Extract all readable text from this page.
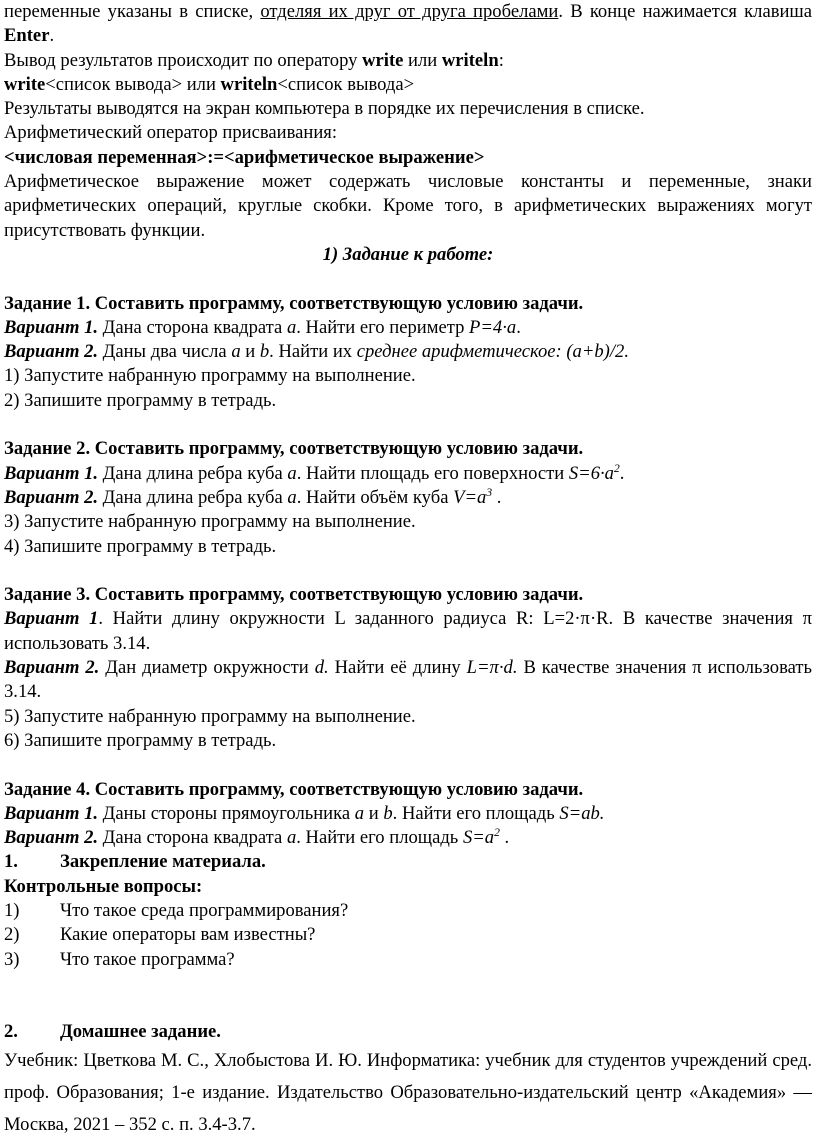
переменные указаны в списке, отделяя их друг от друга пробелами. В конце нажимается клавиша Enter.

Вывод результатов происходит по оператору write или writeln:

write<список вывода> или writeln<список вывода>

Результаты выводятся на экран компьютера в порядке их перечисления в списке.

Арифметический оператор присваивания:

<числовая переменная>:=<арифметическое выражение>

Арифметическое выражение может содержать числовые константы и переменные, знаки арифметических операций, круглые скобки. Кроме того, в арифметических выражениях могут присутствовать функции.

1) Задание к работе:

Задание 1. Составить программу, соответствующую условию задачи.

Вариант 1. Дана сторона квадрата a. Найти его периметр P=4·a.

Вариант 2. Даны два числа a и b. Найти их среднее арифметическое: (a+b)/2.

1) Запустите набранную программу на выполнение.

2) Запишите программу в тетрадь.

Задание 2. Составить программу, соответствующую условию задачи.

Вариант 1. Дана длина ребра куба a. Найти площадь его поверхности $S=6\cdot a^2$.

Вариант 2. Дана длина ребра куба a. Найти объём куба $V=a^3$ .

3) Запустите набранную программу на выполнение.

4) Запишите программу в тетрадь.

Задание 3. Составить программу, соответствующую условию задачи.

Вариант 1. Найти длину окружности L заданного радиуса R: L=2·π·R. В качестве значения π использовать 3.14.

Вариант 2. Дан диаметр окружности d. Найти её длину L=π·d. В качестве значения π использовать 3.14.

5) Запустите набранную программу на выполнение.

6) Запишите программу в тетрадь.

Задание 4. Составить программу, соответствующую условию задачи.

Вариант 1. Даны стороны прямоугольника a и b. Найти его площадь S=ab.

Вариант 2. Дана сторона квадрата a. Найти его площадь $S=a^2$ .

1. Закрепление материала.

Контрольные вопросы:

1) Что такое среда программирования?

2) Какие операторы вам известны?

3) Что такое программа?

2. Домашнее задание.

Учебник: Цветкова М. С., Хлобыстова И. Ю. Информатика: учебник для студентов учреждений сред. проф. Образования; 1-е издание. Издательство Образовательно-издательский центр «Академия» — Москва, 2021 – 352 с. п. 3.4-3.7.
